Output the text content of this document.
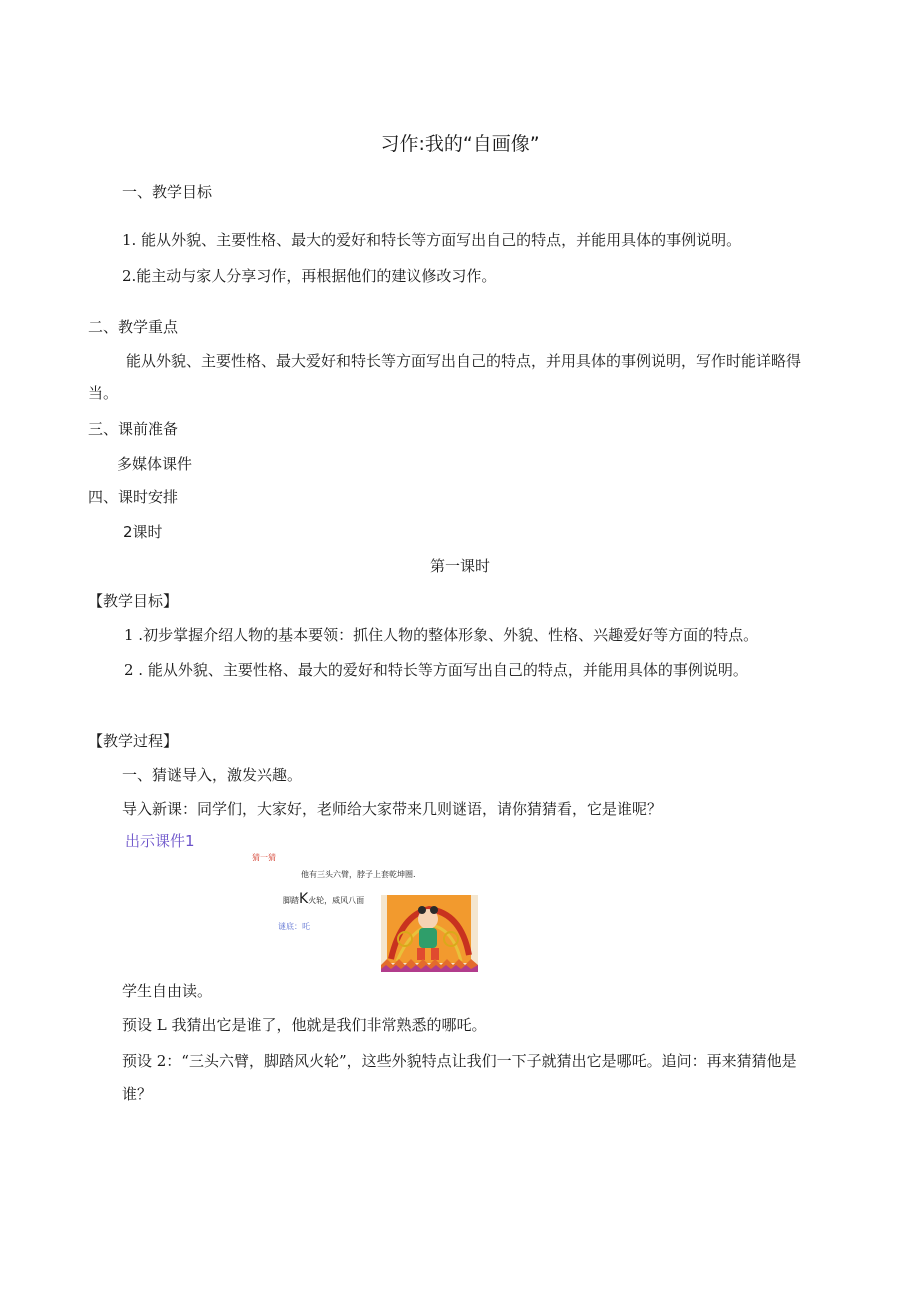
习作:我的“自画像”
一、教学目标
1. 能从外貌、主要性格、最大的爱好和特长等方面写出自己的特点，并能用具体的事例说明。
2.能主动与家人分享习作，再根据他们的建议修改习作。
二、教学重点
能从外貌、主要性格、最大爱好和特长等方面写出自己的特点，并用具体的事例说明，写作时能详略得
当。
三、课前准备
多媒体课件
四、课时安排
2课时
第一课时
【教学目标】
1 .初步掌握介绍人物的基本要领：抓住人物的整体形象、外貌、性格、兴趣爱好等方面的特点。
2 . 能从外貌、主要性格、最大的爱好和特长等方面写出自己的特点，并能用具体的事例说明。
【教学过程】
一、猜谜导入，激发兴趣。
导入新课：同学们，大家好，老师给大家带来几则谜语，请你猜猜看，它是谁呢？
出示课件1
猜一猜
他有三头六臂，脖子上套乾坤圈.
脚踏K火轮，威风八面
谜底：吒
学生自由读。
预设 L 我猜出它是谁了，他就是我们非常熟悉的哪吒。
预设 2：“三头六臂，脚踏风火轮”，这些外貌特点让我们一下子就猜出它是哪吒。追问：再来猜猜他是
谁？
